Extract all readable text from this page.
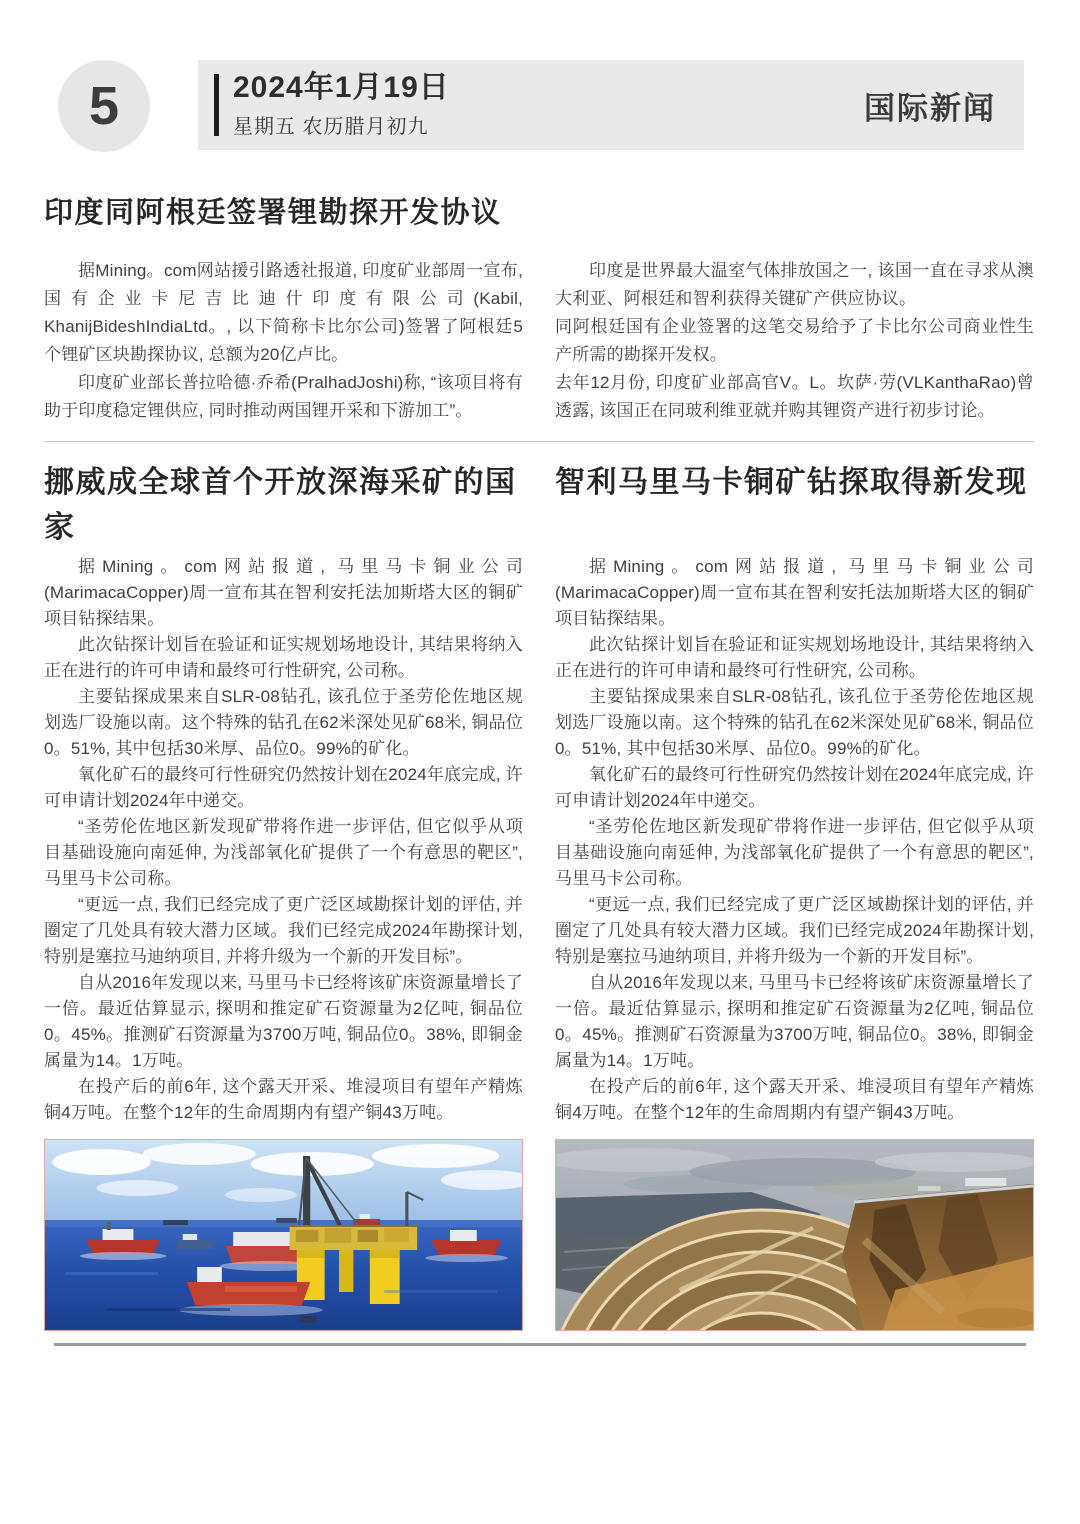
5	2024年1月19日
星期五 农历腊月初九
国际新闻
印度同阿根廷签署锂勘探开发协议

据Mining。com网站援引路透社报道, 印度矿业部周一宣布, 国有企业卡尼吉比迪什印度有限公司(Kabil, KhanijBideshIndiaLtd。, 以下简称卡比尔公司)签署了阿根廷5个锂矿区块勘探协议, 总额为20亿卢比。

印度矿业部长普拉哈德·乔希(PralhadJoshi)称, “该项目将有助于印度稳定锂供应, 同时推动两国锂开采和下游加工”。

印度是世界最大温室气体排放国之一, 该国一直在寻求从澳大利亚、阿根廷和智利获得关键矿产供应协议。

同阿根廷国有企业签署的这笔交易给予了卡比尔公司商业性生产所需的勘探开发权。

去年12月份, 印度矿业部高官V。L。坎萨·劳(VLKanthaRao)曾透露, 该国正在同玻利维亚就并购其锂资产进行初步讨论。

挪威成全球首个开放深海采矿的国家

据Mining。com网站报道, 马里马卡铜业公司(MarimacaCopper)周一宣布其在智利安托法加斯塔大区的铜矿项目钻探结果。

此次钻探计划旨在验证和证实规划场地设计, 其结果将纳入正在进行的许可申请和最终可行性研究, 公司称。

主要钻探成果来自SLR-08钻孔, 该孔位于圣劳伦佐地区规划选厂设施以南。这个特殊的钻孔在62米深处见矿68米, 铜品位0。51%, 其中包括30米厚、品位0。99%的矿化。

氧化矿石的最终可行性研究仍然按计划在2024年底完成, 许可申请计划2024年中递交。

“圣劳伦佐地区新发现矿带将作进一步评估, 但它似乎从项目基础设施向南延伸, 为浅部氧化矿提供了一个有意思的靶区”, 马里马卡公司称。

“更远一点, 我们已经完成了更广泛区域勘探计划的评估, 并圈定了几处具有较大潜力区域。我们已经完成2024年勘探计划, 特别是塞拉马迪纳项目, 并将升级为一个新的开发目标”。

自从2016年发现以来, 马里马卡已经将该矿床资源量增长了一倍。最近估算显示, 探明和推定矿石资源量为2亿吨, 铜品位0。45%。推测矿石资源量为3700万吨, 铜品位0。38%, 即铜金属量为14。1万吨。

在投产后的前6年, 这个露天开采、堆浸项目有望年产精炼铜4万吨。在整个12年的生命周期内有望产铜43万吨。

智利马里马卡铜矿钻探取得新发现

据Mining。com网站报道, 马里马卡铜业公司(MarimacaCopper)周一宣布其在智利安托法加斯塔大区的铜矿项目钻探结果。

此次钻探计划旨在验证和证实规划场地设计, 其结果将纳入正在进行的许可申请和最终可行性研究, 公司称。

主要钻探成果来自SLR-08钻孔, 该孔位于圣劳伦佐地区规划选厂设施以南。这个特殊的钻孔在62米深处见矿68米, 铜品位0。51%, 其中包括30米厚、品位0。99%的矿化。

氧化矿石的最终可行性研究仍然按计划在2024年底完成, 许可申请计划2024年中递交。

“圣劳伦佐地区新发现矿带将作进一步评估, 但它似乎从项目基础设施向南延伸, 为浅部氧化矿提供了一个有意思的靶区”, 马里马卡公司称。

“更远一点, 我们已经完成了更广泛区域勘探计划的评估, 并圈定了几处具有较大潜力区域。我们已经完成2024年勘探计划, 特别是塞拉马迪纳项目, 并将升级为一个新的开发目标”。

自从2016年发现以来, 马里马卡已经将该矿床资源量增长了一倍。最近估算显示, 探明和推定矿石资源量为2亿吨, 铜品位0。45%。推测矿石资源量为3700万吨, 铜品位0。38%, 即铜金属量为14。1万吨。

在投产后的前6年, 这个露天开采、堆浸项目有望年产精炼铜4万吨。在整个12年的生命周期内有望产铜43万吨。
